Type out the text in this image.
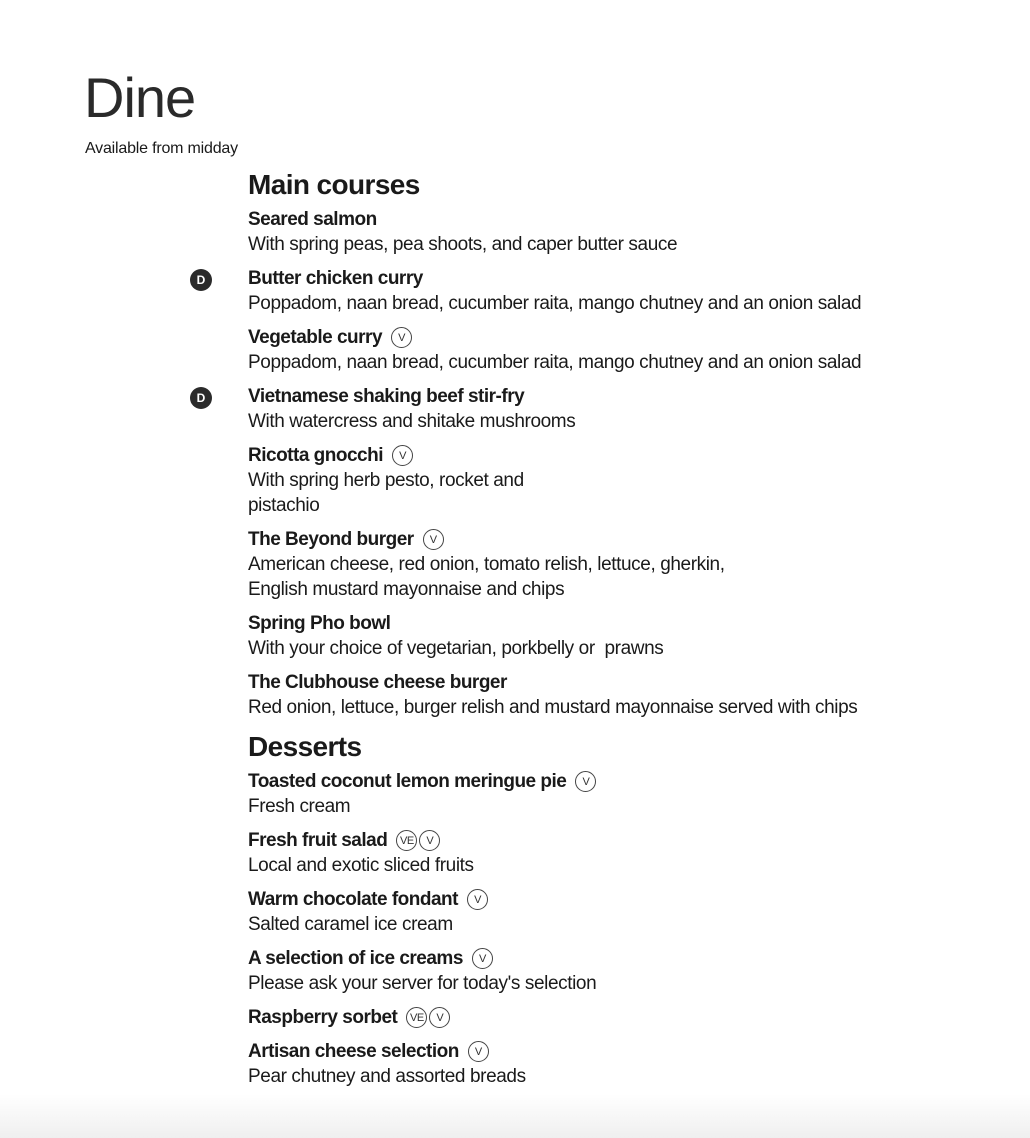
Dine
Available from midday
Main courses
Seared salmon
With spring peas, pea shoots, and caper butter sauce
D	Butter chicken curry
Poppadom, naan bread, cucumber raita, mango chutney and an onion salad
Vegetable curry	V
Poppadom, naan bread, cucumber raita, mango chutney and an onion salad
D	Vietnamese shaking beef stir-fry
With watercress and shitake mushrooms
Ricotta gnocchi	V
With spring herb pesto, rocket and
pistachio
The Beyond burger	V
American cheese, red onion, tomato relish, lettuce, gherkin,
English mustard mayonnaise and chips
Spring Pho bowl
With your choice of vegetarian, porkbelly or  prawns
The Clubhouse cheese burger
Red onion, lettuce, burger relish and mustard mayonnaise served with chips
Desserts
Toasted coconut lemon meringue pie	V
Fresh cream
Fresh fruit salad	VE	V
Local and exotic sliced fruits
Warm chocolate fondant	V
Salted caramel ice cream
A selection of ice creams	V
Please ask your server for today's selection
Raspberry sorbet	VE	V
Artisan cheese selection	V
Pear chutney and assorted breads
